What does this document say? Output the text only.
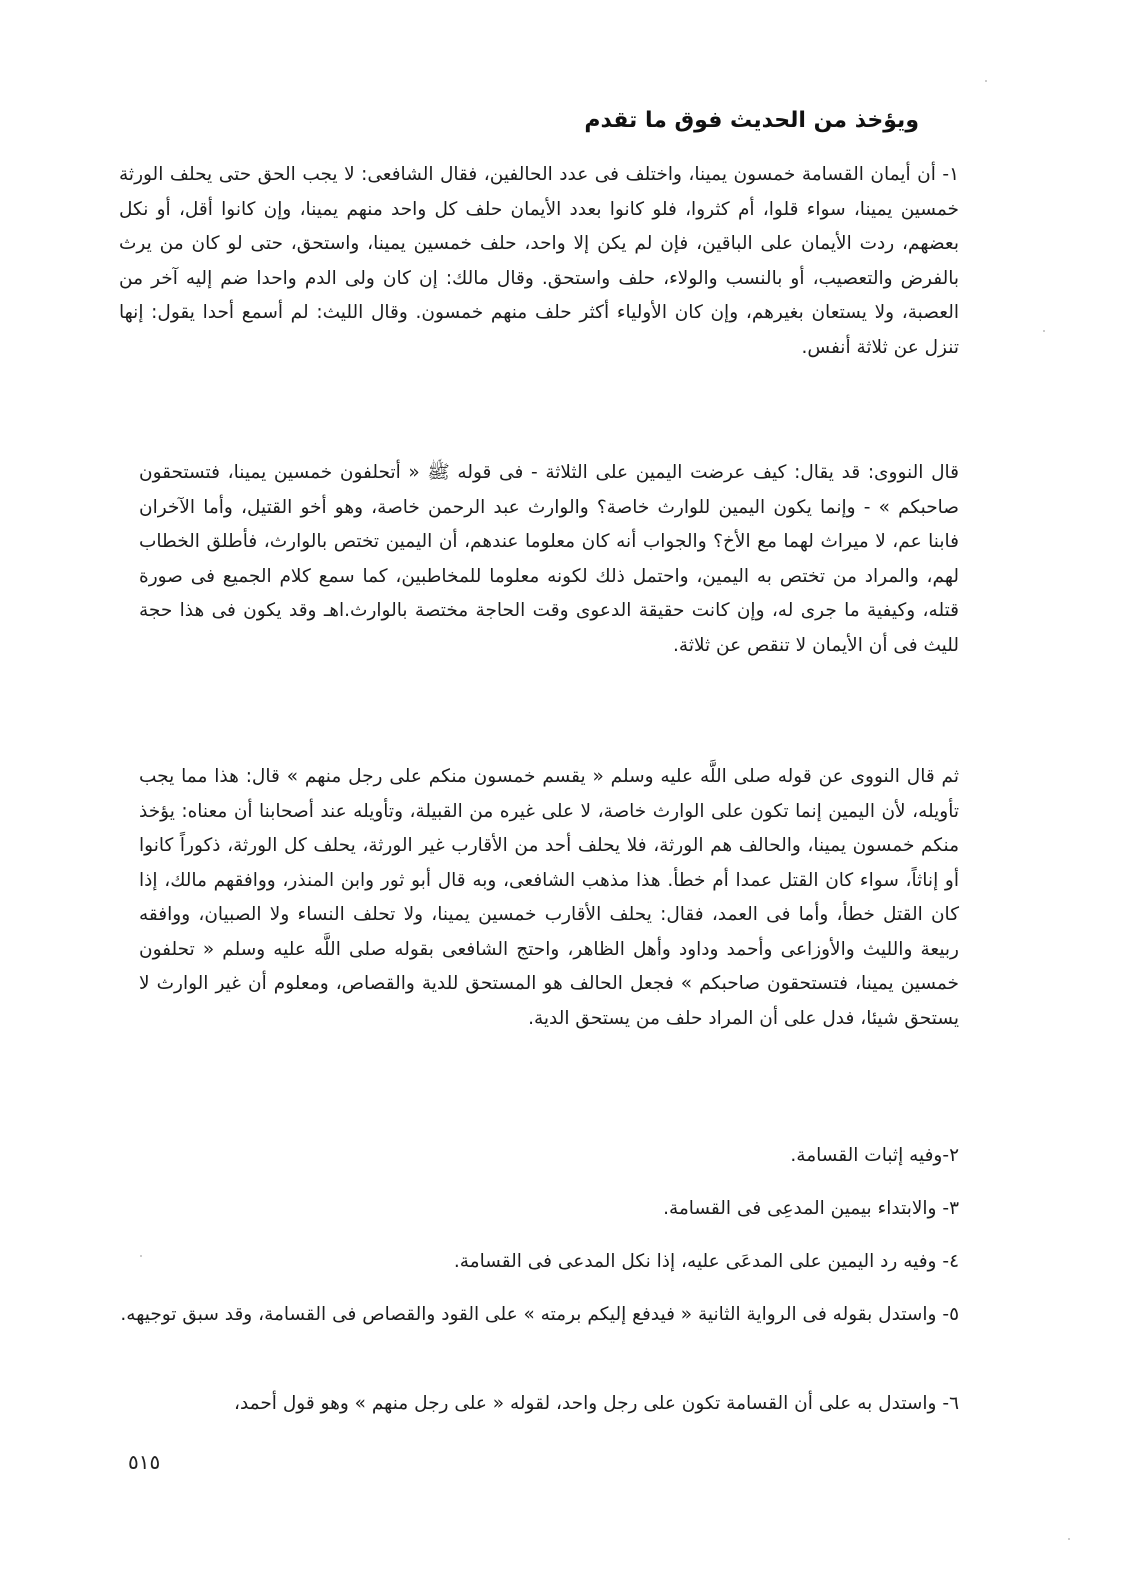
ويؤخذ من الحديث فوق ما تقدم
١- أن أيمان القسامة خمسون يمينا، واختلف فى عدد الحالفين، فقال الشافعى: لا يجب الحق حتى يحلف الورثة خمسين يمينا، سواء قلوا، أم كثروا، فلو كانوا بعدد الأيمان حلف كل واحد منهم يمينا، وإن كانوا أقل، أو نكل بعضهم، ردت الأيمان على الباقين، فإن لم يكن إلا واحد، حلف خمسين يمينا، واستحق، حتى لو كان من يرث بالفرض والتعصيب، أو بالنسب والولاء، حلف واستحق. وقال مالك: إن كان ولى الدم واحدا ضم إليه آخر من العصبة، ولا يستعان بغيرهم، وإن كان الأولياء أكثر حلف منهم خمسون. وقال الليث: لم أسمع أحدا يقول: إنها تنزل عن ثلاثة أنفس.

قال النووى: قد يقال: كيف عرضت اليمين على الثلاثة - فى قوله ﷺ « أتحلفون خمسين يمينا، فتستحقون صاحبكم » - وإنما يكون اليمين للوارث خاصة؟ والوارث عبد الرحمن خاصة، وهو أخو القتيل، وأما الآخران فابنا عم، لا ميراث لهما مع الأخ؟ والجواب أنه كان معلوما عندهم، أن اليمين تختص بالوارث، فأطلق الخطاب لهم، والمراد من تختص به اليمين، واحتمل ذلك لكونه معلوما للمخاطبين، كما سمع كلام الجميع فى صورة قتله، وكيفية ما جرى له، وإن كانت حقيقة الدعوى وقت الحاجة مختصة بالوارث.اهـ وقد يكون فى هذا حجة لليث فى أن الأيمان لا تنقص عن ثلاثة.

ثم قال النووى عن قوله صلى اللَّه عليه وسلم « يقسم خمسون منكم على رجل منهم » قال: هذا مما يجب تأويله، لأن اليمين إنما تكون على الوارث خاصة، لا على غيره من القبيلة، وتأويله عند أصحابنا أن معناه: يؤخذ منكم خمسون يمينا، والحالف هم الورثة، فلا يحلف أحد من الأقارب غير الورثة، يحلف كل الورثة، ذكوراً كانوا أو إناثاً، سواء كان القتل عمدا أم خطأ. هذا مذهب الشافعى، وبه قال أبو ثور وابن المنذر، ووافقهم مالك، إذا كان القتل خطأ، وأما فى العمد، فقال: يحلف الأقارب خمسين يمينا، ولا تحلف النساء ولا الصبيان، ووافقه ربيعة والليث والأوزاعى وأحمد وداود وأهل الظاهر، واحتج الشافعى بقوله صلى اللَّه عليه وسلم « تحلفون خمسين يمينا، فتستحقون صاحبكم » فجعل الحالف هو المستحق للدية والقصاص، ومعلوم أن غير الوارث لا يستحق شيئا، فدل على أن المراد حلف من يستحق الدية.

٢-وفيه إثبات القسامة.
٣- والابتداء بيمين المدعِى فى القسامة.
٤- وفيه رد اليمين على المدعَى عليه، إذا نكل المدعى فى القسامة.
٥- واستدل بقوله فى الرواية الثانية « فيدفع إليكم برمته » على القود والقصاص فى القسامة، وقد سبق توجيهه.
٦- واستدل به على أن القسامة تكون على رجل واحد، لقوله « على رجل منهم » وهو قول أحمد،
٥١٥
